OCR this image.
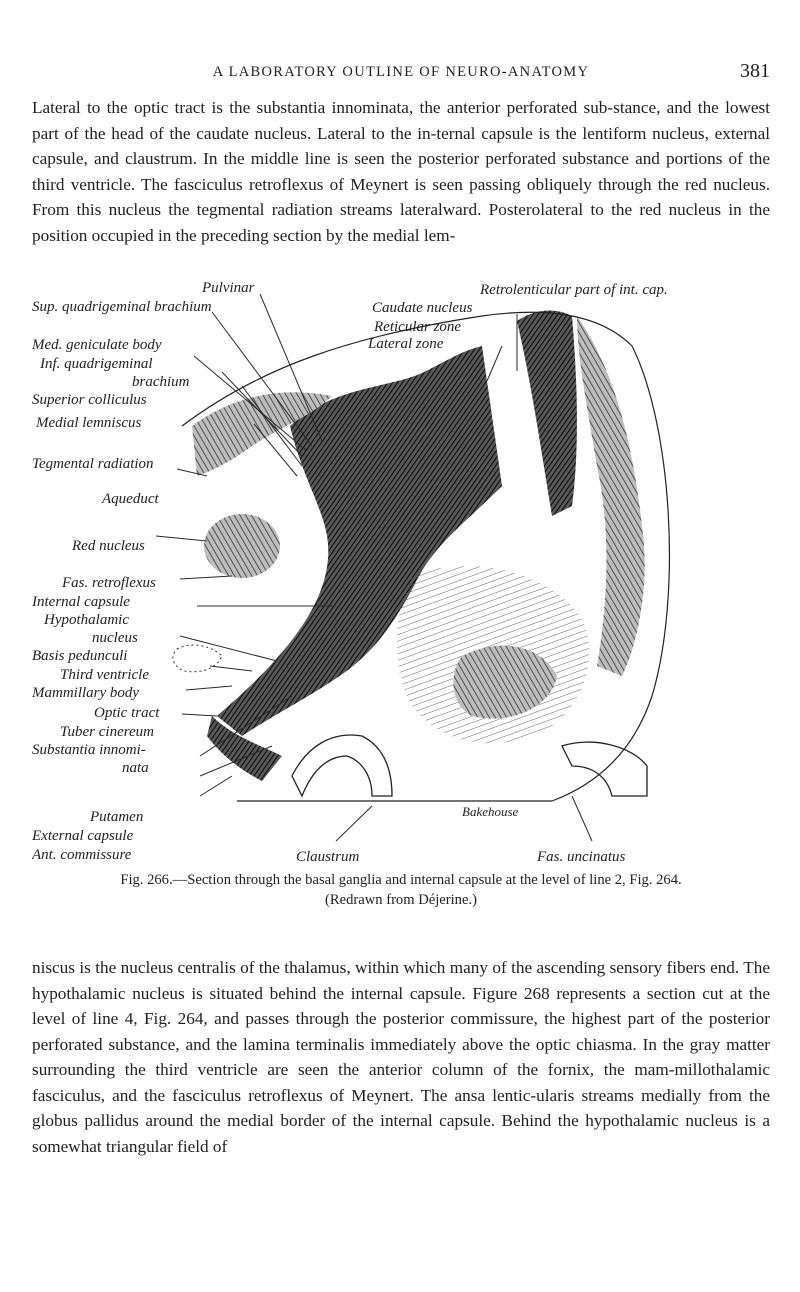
A LABORATORY OUTLINE OF NEURO-ANATOMY	381

Lateral to the optic tract is the substantia innominata, the anterior perforated sub-stance, and the lowest part of the head of the caudate nucleus. Lateral to the in-ternal capsule is the lentiform nucleus, external capsule, and claustrum. In the middle line is seen the posterior perforated substance and portions of the third ventricle. The fasciculus retroflexus of Meynert is seen passing obliquely through the red nucleus. From this nucleus the tegmental radiation streams lateralward. Posterolateral to the red nucleus in the position occupied in the preceding section by the medial lem-

Pulvinar
Sup. quadrigeminal brachium
Med. geniculate body
Inf. quadrigeminal
brachium
Superior colliculus
Medial lemniscus
Tegmental radiation
Aqueduct
Red nucleus
Fas. retroflexus
Internal capsule
Hypothalamic
nucleus
Basis pedunculi
Third ventricle
Mammillary body
Optic tract
Tuber cinereum
Substantia innomi-
nata
Putamen
External capsule
Ant. commissure
Retrolenticular part of int. cap.
Caudate nucleus
Reticular zone
Lateral zone
Claustrum	Fas. uncinatus
Bakehouse
Fig. 266.—Section through the basal ganglia and internal capsule at the level of line 2, Fig. 264.
(Redrawn from Déjerine.)

niscus is the nucleus centralis of the thalamus, within which many of the ascending sensory fibers end. The hypothalamic nucleus is situated behind the internal capsule. Figure 268 represents a section cut at the level of line 4, Fig. 264, and passes through the posterior commissure, the highest part of the posterior perforated substance, and the lamina terminalis immediately above the optic chiasma. In the gray matter surrounding the third ventricle are seen the anterior column of the fornix, the mam-millothalamic fasciculus, and the fasciculus retroflexus of Meynert. The ansa lentic-ularis streams medially from the globus pallidus around the medial border of the internal capsule. Behind the hypothalamic nucleus is a somewhat triangular field of
